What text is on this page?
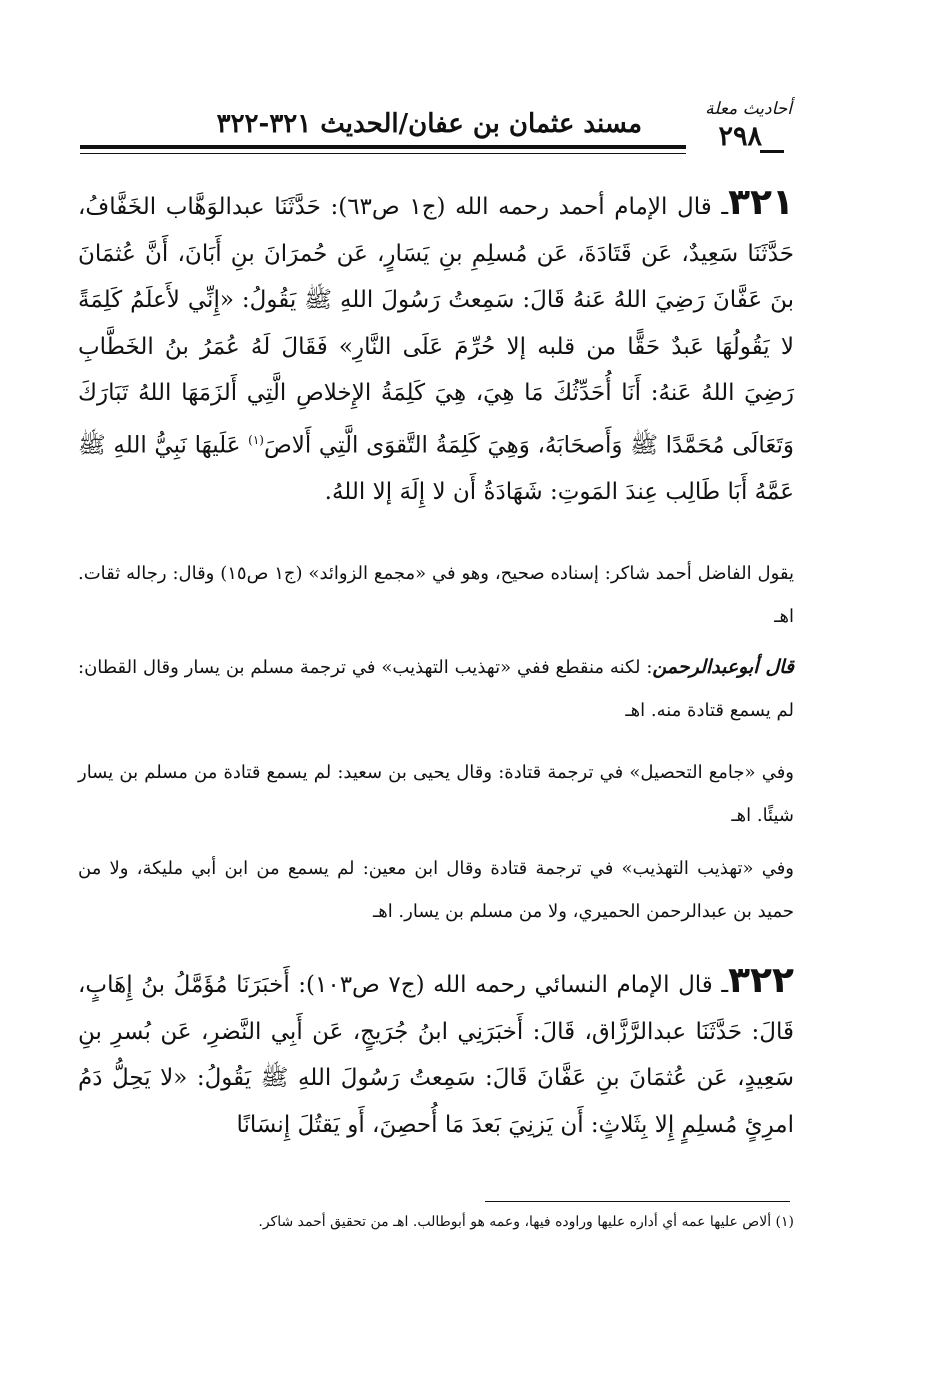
أحاديث معلة
٢٩٨
مسند عثمان بن عفان/الحديث ٣٢١-٣٢٢
٣٢١ـ قال الإمام أحمد رحمه الله (ج١ ص٦٣): حَدَّثَنَا عبدالوَهَّاب الخَفَّافُ، حَدَّثَنَا سَعِيدٌ، عَن قَتَادَةَ، عَن مُسلِمِ بنِ يَسَارٍ، عَن حُمرَانَ بنِ أَبَانَ، أَنَّ عُثمَانَ بنَ عَفَّانَ رَضِيَ اللهُ عَنهُ قَالَ: سَمِعتُ رَسُولَ اللهِ ﷺ يَقُولُ: «إِنِّي لأَعلَمُ كَلِمَةً لا يَقُولُهَا عَبدٌ حَقًّا من قلبه إلا حُرِّمَ عَلَى النَّارِ» فَقَالَ لَهُ عُمَرُ بنُ الخَطَّابِ رَضِيَ اللهُ عَنهُ: أَنَا أُحَدِّثُكَ مَا هِيَ، هِيَ كَلِمَةُ الإِخلاصِ الَّتِي أَلزَمَهَا اللهُ تَبَارَكَ وَتَعَالَى مُحَمَّدًا ﷺ وَأَصحَابَهُ، وَهِيَ كَلِمَةُ التَّقوَى الَّتِي أَلاصَ$^{(١)}$ عَلَيهَا نَبِيُّ اللهِ ﷺ عَمَّهُ أَبَا طَالِب عِندَ المَوتِ: شَهَادَةُ أَن لا إِلَهَ إلا اللهُ.
يقول الفاضل أحمد شاكر: إسناده صحيح، وهو في «مجمع الزوائد» (ج١ ص١٥) وقال: رجاله ثقات. اهـ
قال أبوعبدالرحمن: لكنه منقطع ففي «تهذيب التهذيب» في ترجمة مسلم بن يسار وقال القطان: لم يسمع قتادة منه. اهـ
وفي «جامع التحصيل» في ترجمة قتادة: وقال يحيى بن سعيد: لم يسمع قتادة من مسلم بن يسار شيئًا. اهـ
وفي «تهذيب التهذيب» في ترجمة قتادة وقال ابن معين: لم يسمع من ابن أبي مليكة، ولا من حميد بن عبدالرحمن الحميري، ولا من مسلم بن يسار. اهـ
٣٢٢ـ قال الإمام النسائي رحمه الله (ج٧ ص١٠٣): أَخبَرَنَا مُؤَمَّلُ بنُ إِهَابٍ، قَالَ: حَدَّثَنَا عبدالرَّزَّاق، قَالَ: أَخبَرَنِي ابنُ جُرَيجٍ، عَن أَبِي النَّضرِ، عَن بُسرِ بنِ سَعِيدٍ، عَن عُثمَانَ بنِ عَفَّانَ قَالَ: سَمِعتُ رَسُولَ اللهِ ﷺ يَقُولُ: «لا يَحِلُّ دَمُ امرِئٍ مُسلِمٍ إِلا بِثَلاثٍ: أَن يَزنِيَ بَعدَ مَا أُحصِنَ، أَو يَقتُلَ إِنسَانًا
(١) ألاص عليها عمه أي أداره عليها وراوده فيها، وعمه هو أبوطالب. اهـ من تحقيق أحمد شاكر.
